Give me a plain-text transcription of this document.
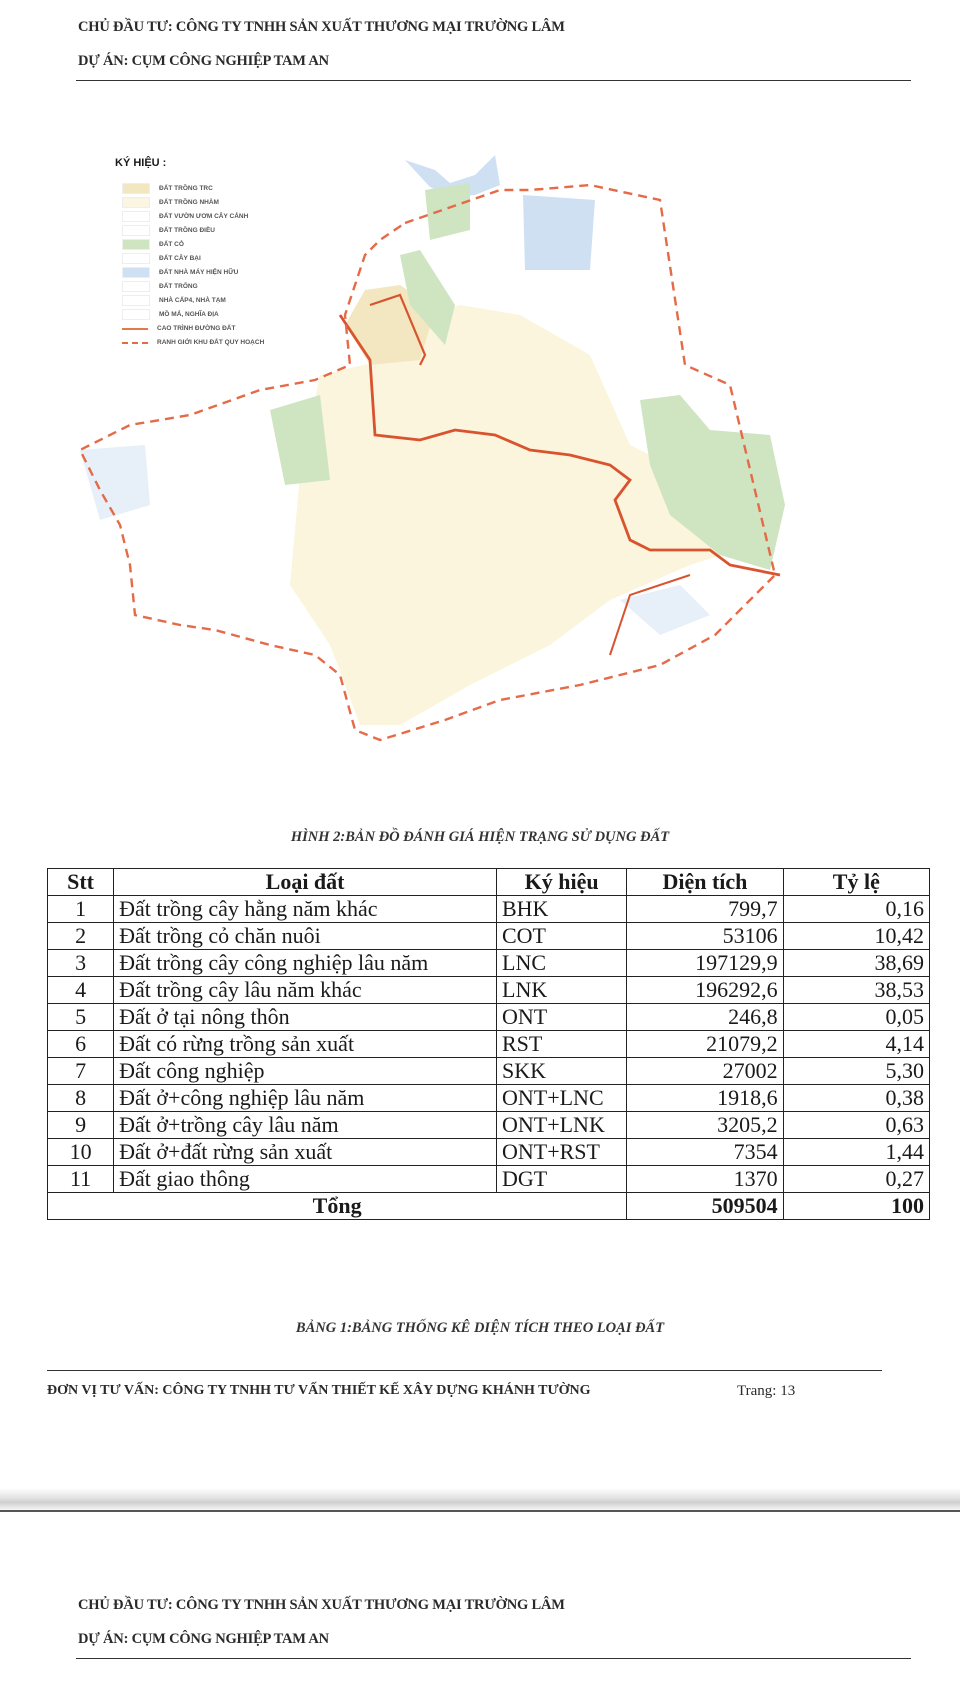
CHỦ ĐẦU TƯ: CÔNG TY TNHH SẢN XUẤT THƯƠNG MẠI TRƯỜNG LÂM
DỰ ÁN: CỤM CÔNG NGHIỆP TAM AN
KÝ HIỆU :
ĐẤT TRỒNG TRC
ĐẤT TRỒNG NHÀM
ĐẤT VƯỜN ƯƠM CÂY CẢNH
ĐẤT TRỒNG ĐIỀU
ĐẤT CỎ
ĐẤT CÂY BẠI
ĐẤT NHÀ MÁY HIỆN HỮU
ĐẤT TRỐNG
NHÀ CẤP4, NHÀ TẠM
MỒ MẢ, NGHĨA ĐỊA
CAO TRÌNH ĐƯỜNG ĐẤT
RANH GIỚI KHU ĐẤT QUY HOẠCH
HÌNH 2:BẢN ĐỒ ĐÁNH GIÁ HIỆN TRẠNG SỬ DỤNG ĐẤT
Stt	Loại đất	Ký hiệu	Diện tích	Tỷ lệ
1	Đất trồng cây hằng năm khác	BHK	799,7	0,16
2	Đất trồng cỏ chăn nuôi	COT	53106	10,42
3	Đất trồng cây công nghiệp lâu năm	LNC	197129,9	38,69
4	Đất trồng cây lâu năm khác	LNK	196292,6	38,53
5	Đất ở tại nông thôn	ONT	246,8	0,05
6	Đất có rừng trồng sản xuất	RST	21079,2	4,14
7	Đất công nghiệp	SKK	27002	5,30
8	Đất ở+công nghiệp lâu năm	ONT+LNC	1918,6	0,38
9	Đất ở+trồng cây lâu năm	ONT+LNK	3205,2	0,63
10	Đất ở+đất rừng sản xuất	ONT+RST	7354	1,44
11	Đất giao thông	DGT	1370	0,27
Tổng			509504	100
BẢNG 1:BẢNG THỐNG KÊ DIỆN TÍCH THEO LOẠI ĐẤT
ĐƠN VỊ TƯ VẤN: CÔNG TY TNHH TƯ VẤN THIẾT KẾ XÂY DỰNG KHÁNH TƯỜNG	Trang: 13
CHỦ ĐẦU TƯ: CÔNG TY TNHH SẢN XUẤT THƯƠNG MẠI TRƯỜNG LÂM
DỰ ÁN: CỤM CÔNG NGHIỆP TAM AN
